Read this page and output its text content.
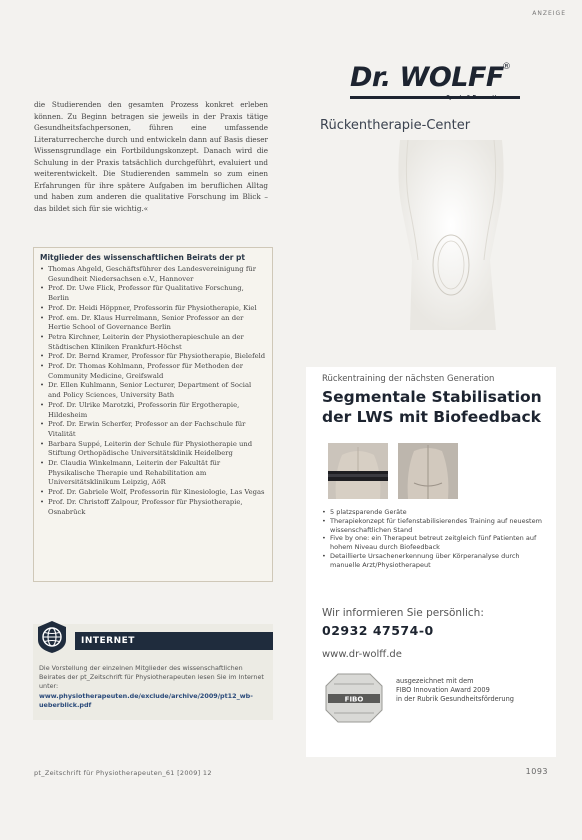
ANZEIGE

die Studierenden den gesamten Prozess konkret erleben können. Zu Beginn betragen sie jeweils in der Praxis tätige Gesundheitsfachpersonen, führen eine umfassende Literaturrecherche durch und entwickeln dann auf Basis dieser Wissensgrundlage ein Fortbildungskonzept. Danach wird die Schulung in der Praxis tatsächlich durchgeführt, evaluiert und weiterentwickelt. Die Studierenden sammeln so zum einen Erfahrungen für ihre spätere Aufgaben im beruflichen Alltag und haben zum anderen die qualitative Forschung im Blick – das bildet sich für sie wichtig.«

Mitglieder des wissenschaftlichen Beirats der pt
• Thomas Ahgeld, Geschäftsführer des Landesvereinigung für Gesundheit Niedersachsen e.V., Hannover
• Prof. Dr. Uwe Flick, Professor für Qualitative Forschung, Berlin
• Prof. Dr. Heidi Höppner, Professorin für Physiotherapie, Kiel
• Prof. em. Dr. Klaus Hurrelmann, Senior Professor an der Hertie School of Governance Berlin
• Petra Kirchner, Leiterin der Physiotherapieschule an der Städtischen Kliniken Frankfurt-Höchst
• Prof. Dr. Bernd Kramer, Professor für Physiotherapie, Bielefeld
• Prof. Dr. Thomas Kohlmann, Professor für Methoden der Community Medicine, Greifswald
• Dr. Ellen Kuhlmann, Senior Lecturer, Department of Social and Policy Sciences, University Bath
• Prof. Dr. Ulrike Marotzki, Professorin für Ergotherapie, Hildesheim
• Prof. Dr. Erwin Scherfer, Professor an der Fachschule für Vitalität
• Barbara Suppé, Leiterin der Schule für Physiotherapie und Stiftung Orthopädische Universitätsklinik Heidelberg
• Dr. Claudia Winkelmann, Leiterin der Fakultät für Physikalische Therapie und Rehabilitation am Universitätsklinikum Leipzig, AöR
• Prof. Dr. Gabriele Wolf, Professorin für Kinesiologie, Las Vegas
• Prof. Dr. Christoff Zalpour, Professor für Physiotherapie, Osnabrück
INTERNET

Die Vorstellung der einzelnen Mitglieder des wissenschaftlichen Beirates der pt_Zeitschrift für Physiotherapeuten lesen Sie im Internet unter:

www.physiotherapeuten.de/exclude/archive/2009/pt12_wb-ueberblick.pdf

pt_Zeitschrift für Physiotherapeuten_61 [2009] 12	1093
Dr. WOLFF
®
Sports & Prevention
Rückentherapie-Center
Rückentraining der nächsten Generation
Segmentale Stabilisation
der LWS mit Biofeedback
• 5 platzsparende Geräte
• Therapiekonzept für tiefenstabilisierendes Training auf neuestem wissenschaftlichen Stand
• Five by one: ein Therapeut betreut zeitgleich fünf Patienten auf hohem Niveau durch Biofeedback
• Detaillierte Ursachenerkennung über Körperanalyse durch manuelle Arzt/Physiotherapeut
Wir informieren Sie persönlich:
02932 47574-0
www.dr-wolff.de
FIBO
ausgezeichnet mit dem
FIBO Innovation Award 2009
in der Rubrik Gesundheitsförderung
